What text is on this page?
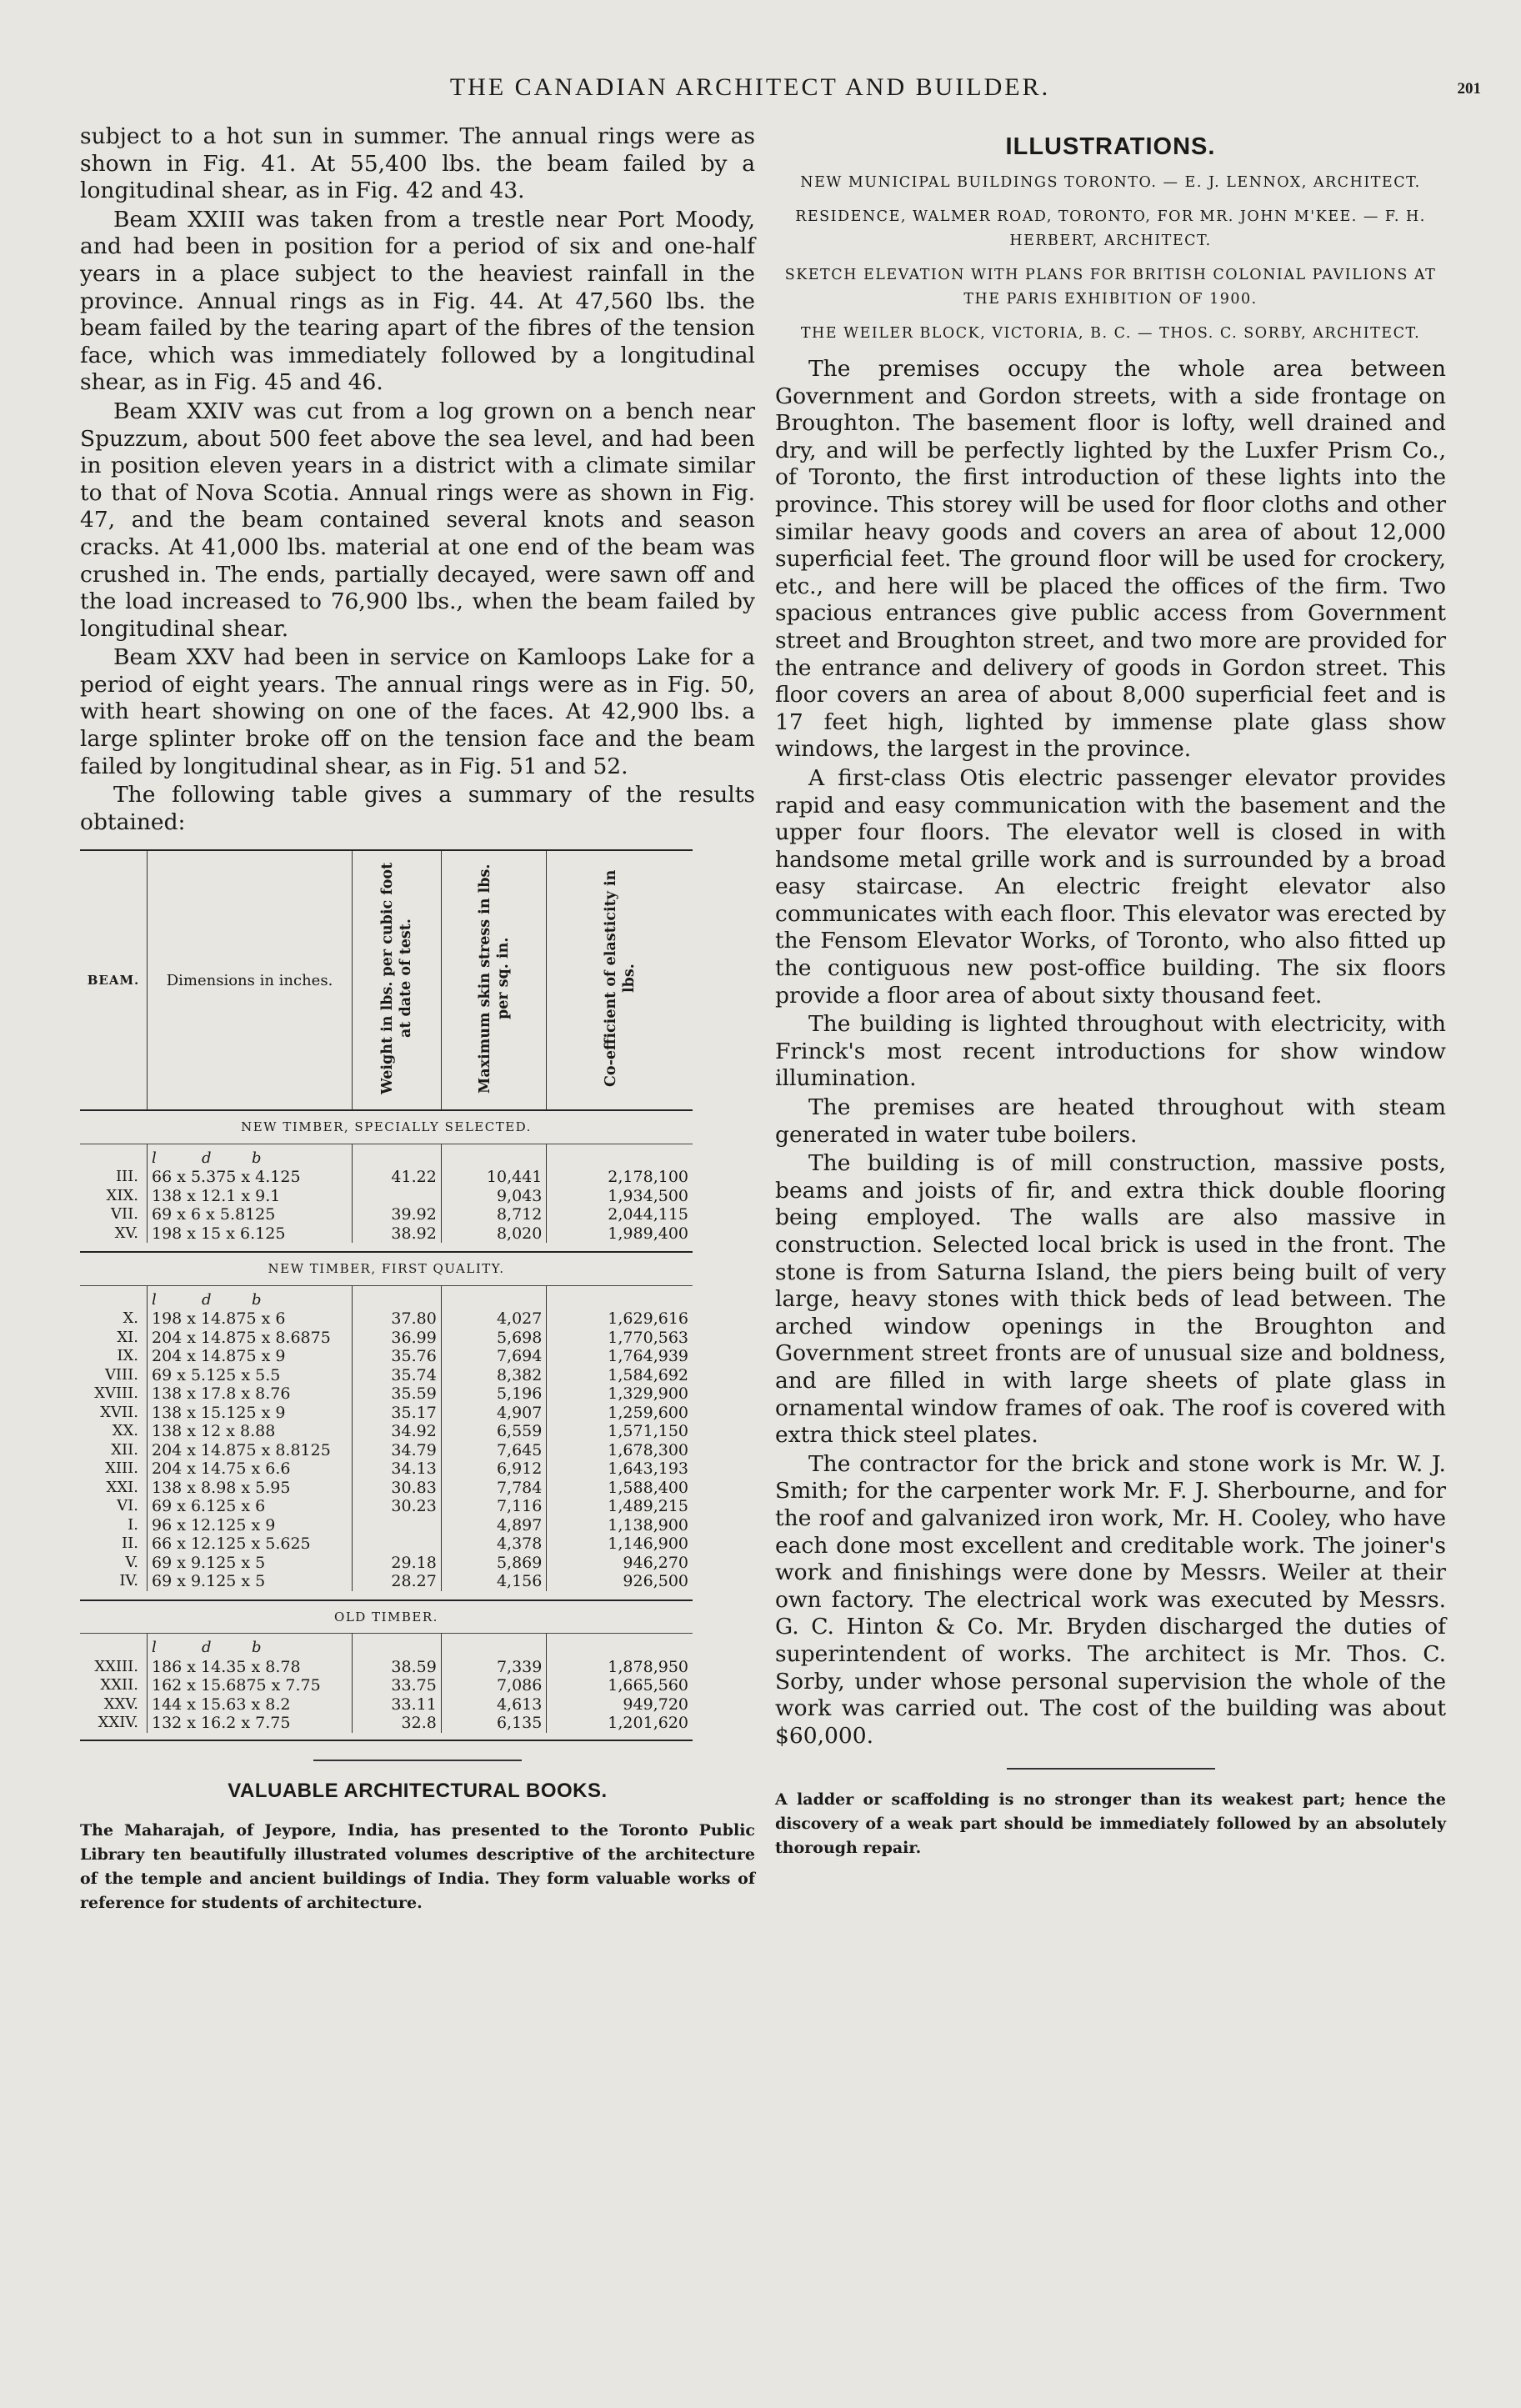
THE CANADIAN ARCHITECT AND BUILDER.	201

subject to a hot sun in summer. The annual rings were as shown in Fig. 41. At 55,400 lbs. the beam failed by a longitudinal shear, as in Fig. 42 and 43.

Beam XXIII was taken from a trestle near Port Moody, and had been in position for a period of six and one-half years in a place subject to the heaviest rainfall in the province. Annual rings as in Fig. 44. At 47,560 lbs. the beam failed by the tearing apart of the fibres of the tension face, which was immediately followed by a longitudinal shear, as in Fig. 45 and 46.

Beam XXIV was cut from a log grown on a bench near Spuzzum, about 500 feet above the sea level, and had been in position eleven years in a district with a climate similar to that of Nova Scotia. Annual rings were as shown in Fig. 47, and the beam contained several knots and season cracks. At 41,000 lbs. material at one end of the beam was crushed in. The ends, partially decayed, were sawn off and the load increased to 76,900 lbs., when the beam failed by longitudinal shear.

Beam XXV had been in service on Kamloops Lake for a period of eight years. The annual rings were as in Fig. 50, with heart showing on one of the faces. At 42,900 lbs. a large splinter broke off on the tension face and the beam failed by longitudinal shear, as in Fig. 51 and 52.

The following table gives a summary of the results obtained:

BEAM.	Dimensions in inches.	Weight in lbs. per cubic foot at date of test.	Maximum skin stress in lbs. per sq. in.	Co-efficient of elasticity in lbs.
NEW TIMBER, SPECIALLY SELECTED.				
	l d b			
III.	66 x 5.375 x 4.125	41.22	10,441	2,178,100
XIX.	138 x 12.1 x 9.1		9,043	1,934,500
VII.	69 x 6 x 5.8125	39.92	8,712	2,044,115
XV.	198 x 15 x 6.125	38.92	8,020	1,989,400

NEW TIMBER, FIRST QUALITY.				
	l d b			
X.	198 x 14.875 x 6	37.80	4,027	1,629,616
XI.	204 x 14.875 x 8.6875	36.99	5,698	1,770,563
IX.	204 x 14.875 x 9	35.76	7,694	1,764,939
VIII.	69 x 5.125 x 5.5	35.74	8,382	1,584,692
XVIII.	138 x 17.8 x 8.76	35.59	5,196	1,329,900
XVII.	138 x 15.125 x 9	35.17	4,907	1,259,600
XX.	138 x 12 x 8.88	34.92	6,559	1,571,150
XII.	204 x 14.875 x 8.8125	34.79	7,645	1,678,300
XIII.	204 x 14.75 x 6.6	34.13	6,912	1,643,193
XXI.	138 x 8.98 x 5.95	30.83	7,784	1,588,400
VI.	69 x 6.125 x 6	30.23	7,116	1,489,215
I.	96 x 12.125 x 9		4,897	1,138,900
II.	66 x 12.125 x 5.625		4,378	1,146,900
V.	69 x 9.125 x 5	29.18	5,869	946,270
IV.	69 x 9.125 x 5	28.27	4,156	926,500

OLD TIMBER.				
	l d b			
XXIII.	186 x 14.35 x 8.78	38.59	7,339	1,878,950
XXII.	162 x 15.6875 x 7.75	33.75	7,086	1,665,560
XXV.	144 x 15.63 x 8.2	33.11	4,613	949,720
XXIV.	132 x 16.2 x 7.75	32.8	6,135	1,201,620

VALUABLE ARCHITECTURAL BOOKS.

The Maharajah, of Jeypore, India, has presented to the Toronto Public Library ten beautifully illustrated volumes descriptive of the architecture of the temple and ancient buildings of India. They form valuable works of reference for students of architecture.

ILLUSTRATIONS.
NEW MUNICIPAL BUILDINGS TORONTO. — E. J. LENNOX, ARCHITECT.
RESIDENCE, WALMER ROAD, TORONTO, FOR MR. JOHN M'KEE. — F. H. HERBERT, ARCHITECT.
SKETCH ELEVATION WITH PLANS FOR BRITISH COLONIAL PAVILIONS AT THE PARIS EXHIBITION OF 1900.
THE WEILER BLOCK, VICTORIA, B. C. — THOS. C. SORBY, ARCHITECT.

The premises occupy the whole area between Government and Gordon streets, with a side frontage on Broughton. The basement floor is lofty, well drained and dry, and will be perfectly lighted by the Luxfer Prism Co., of Toronto, the first introduction of these lights into the province. This storey will be used for floor cloths and other similar heavy goods and covers an area of about 12,000 superficial feet. The ground floor will be used for crockery, etc., and here will be placed the offices of the firm. Two spacious entrances give public access from Government street and Broughton street, and two more are provided for the entrance and delivery of goods in Gordon street. This floor covers an area of about 8,000 superficial feet and is 17 feet high, lighted by immense plate glass show windows, the largest in the province.

A first-class Otis electric passenger elevator provides rapid and easy communication with the basement and the upper four floors. The elevator well is closed in with handsome metal grille work and is surrounded by a broad easy staircase. An electric freight elevator also communicates with each floor. This elevator was erected by the Fensom Elevator Works, of Toronto, who also fitted up the contiguous new post-office building. The six floors provide a floor area of about sixty thousand feet.

The building is lighted throughout with electricity, with Frinck's most recent introductions for show window illumination.

The premises are heated throughout with steam generated in water tube boilers.

The building is of mill construction, massive posts, beams and joists of fir, and extra thick double flooring being employed. The walls are also massive in construction. Selected local brick is used in the front. The stone is from Saturna Island, the piers being built of very large, heavy stones with thick beds of lead between. The arched window openings in the Broughton and Government street fronts are of unusual size and boldness, and are filled in with large sheets of plate glass in ornamental window frames of oak. The roof is covered with extra thick steel plates.

The contractor for the brick and stone work is Mr. W. J. Smith; for the carpenter work Mr. F. J. Sherbourne, and for the roof and galvanized iron work, Mr. H. Cooley, who have each done most excellent and creditable work. The joiner's work and finishings were done by Messrs. Weiler at their own factory. The electrical work was executed by Messrs. G. C. Hinton & Co. Mr. Bryden discharged the duties of superintendent of works. The architect is Mr. Thos. C. Sorby, under whose personal supervision the whole of the work was carried out. The cost of the building was about $60,000.

A ladder or scaffolding is no stronger than its weakest part; hence the discovery of a weak part should be immediately followed by an absolutely thorough repair.
